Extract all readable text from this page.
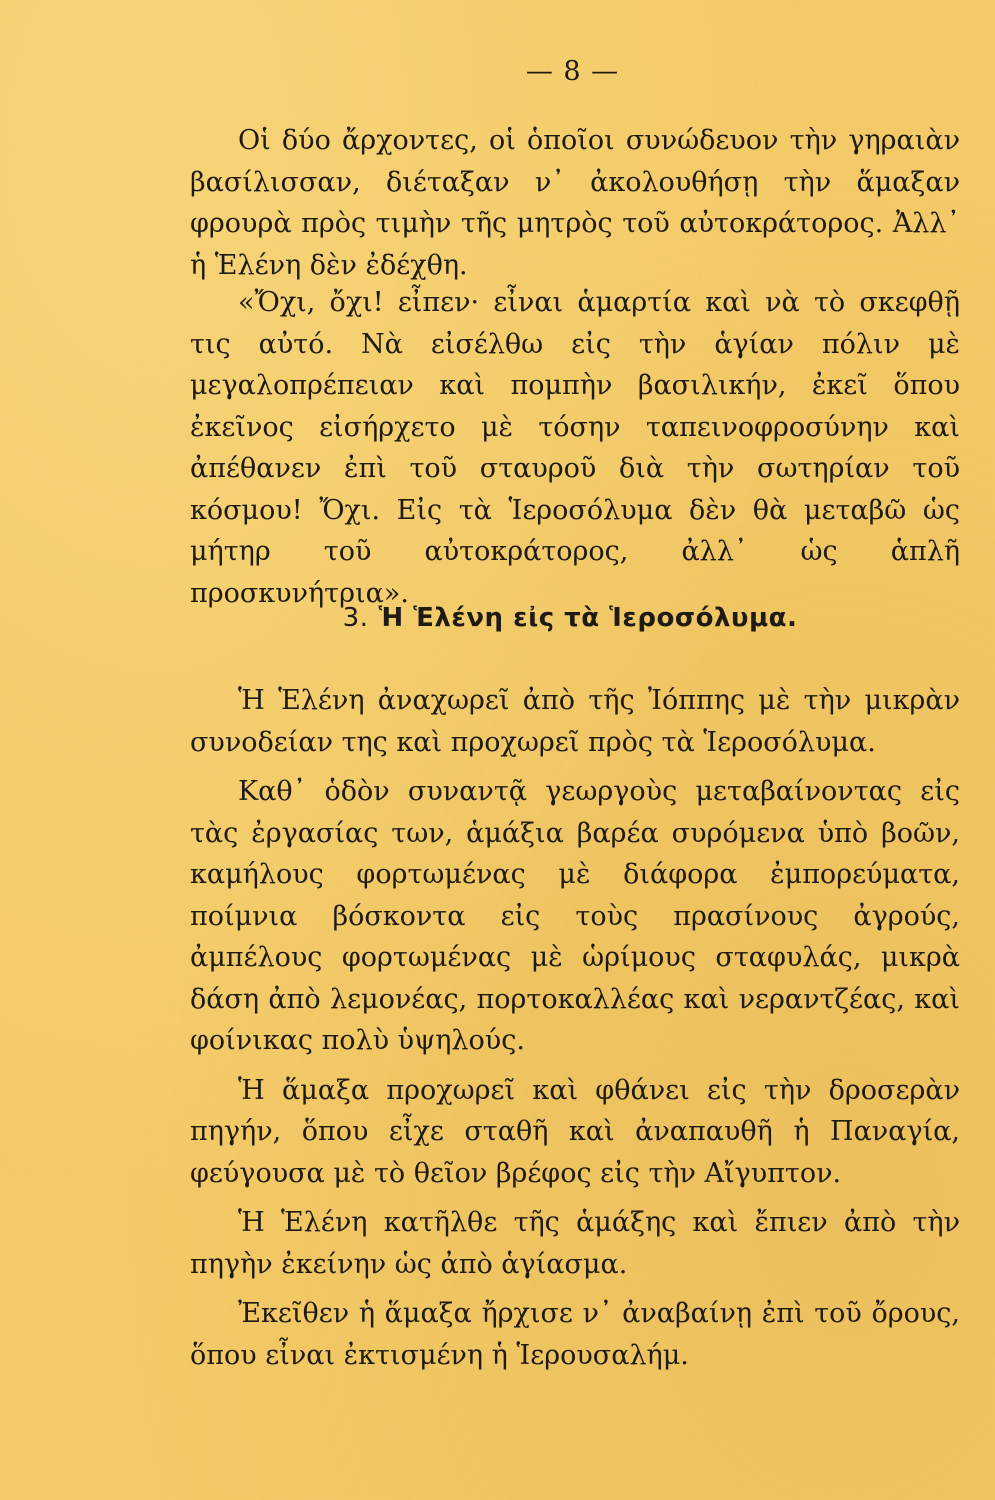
— 8 —

Οἱ δύο ἄρχοντες, οἱ ὁποῖοι συνώδευον τὴν γηραιὰν βασίλισσαν, διέταξαν ν᾽ ἀκολουθήσῃ τὴν ἅμαξαν φρουρὰ πρὸς τιμὴν τῆς μητρὸς τοῦ αὐτοκράτορος. Ἀλλ᾽ ἡ Ἑλένη δὲν ἐδέχθη.

«Ὄχι, ὄχι! εἶπεν· εἶναι ἁμαρτία καὶ νὰ τὸ σκεφθῇ τις αὐτό. Νὰ εἰσέλθω εἰς τὴν ἁγίαν πόλιν μὲ μεγαλοπρέπειαν καὶ πομπὴν βασιλικήν, ἐκεῖ ὅπου ἐκεῖνος εἰσήρχετο μὲ τόσην ταπεινοφροσύνην καὶ ἀπέθανεν ἐπὶ τοῦ σταυροῦ διὰ τὴν σωτηρίαν τοῦ κόσμου! Ὄχι. Εἰς τὰ Ἱεροσόλυμα δὲν θὰ μεταβῶ ὡς μήτηρ τοῦ αὐτοκράτορος, ἀλλ᾽ ὡς ἁπλῆ προσκυνήτρια».

3. Ἡ Ἑλένη εἰς τὰ Ἱεροσόλυμα.

Ἡ Ἑλένη ἀναχωρεῖ ἀπὸ τῆς Ἰόππης μὲ τὴν μικρὰν συνοδείαν της καὶ προχωρεῖ πρὸς τὰ Ἱεροσόλυμα.

Καθ᾽ ὁδὸν συναντᾷ γεωργοὺς μεταβαίνοντας εἰς τὰς ἐργασίας των, ἁμάξια βαρέα συρόμενα ὑπὸ βοῶν, καμήλους φορτωμένας μὲ διάφορα ἐμπορεύματα, ποίμνια βόσκοντα εἰς τοὺς πρασίνους ἀγρούς, ἀμπέλους φορτωμένας μὲ ὡρίμους σταφυλάς, μικρὰ δάση ἀπὸ λεμονέας, πορτοκαλλέας καὶ νεραντζέας, καὶ φοίνικας πολὺ ὑψηλούς.

Ἡ ἅμαξα προχωρεῖ καὶ φθάνει εἰς τὴν δροσερὰν πηγήν, ὅπου εἶχε σταθῆ καὶ ἀναπαυθῆ ἡ Παναγία, φεύγουσα μὲ τὸ θεῖον βρέφος εἰς τὴν Αἴγυπτον.

Ἡ Ἑλένη κατῆλθε τῆς ἁμάξης καὶ ἔπιεν ἀπὸ τὴν πηγὴν ἐκείνην ὡς ἀπὸ ἁγίασμα.

Ἐκεῖθεν ἡ ἅμαξα ἤρχισε ν᾽ ἀναβαίνῃ ἐπὶ τοῦ ὄρους, ὅπου εἶναι ἐκτισμένη ἡ Ἱερουσαλήμ.
